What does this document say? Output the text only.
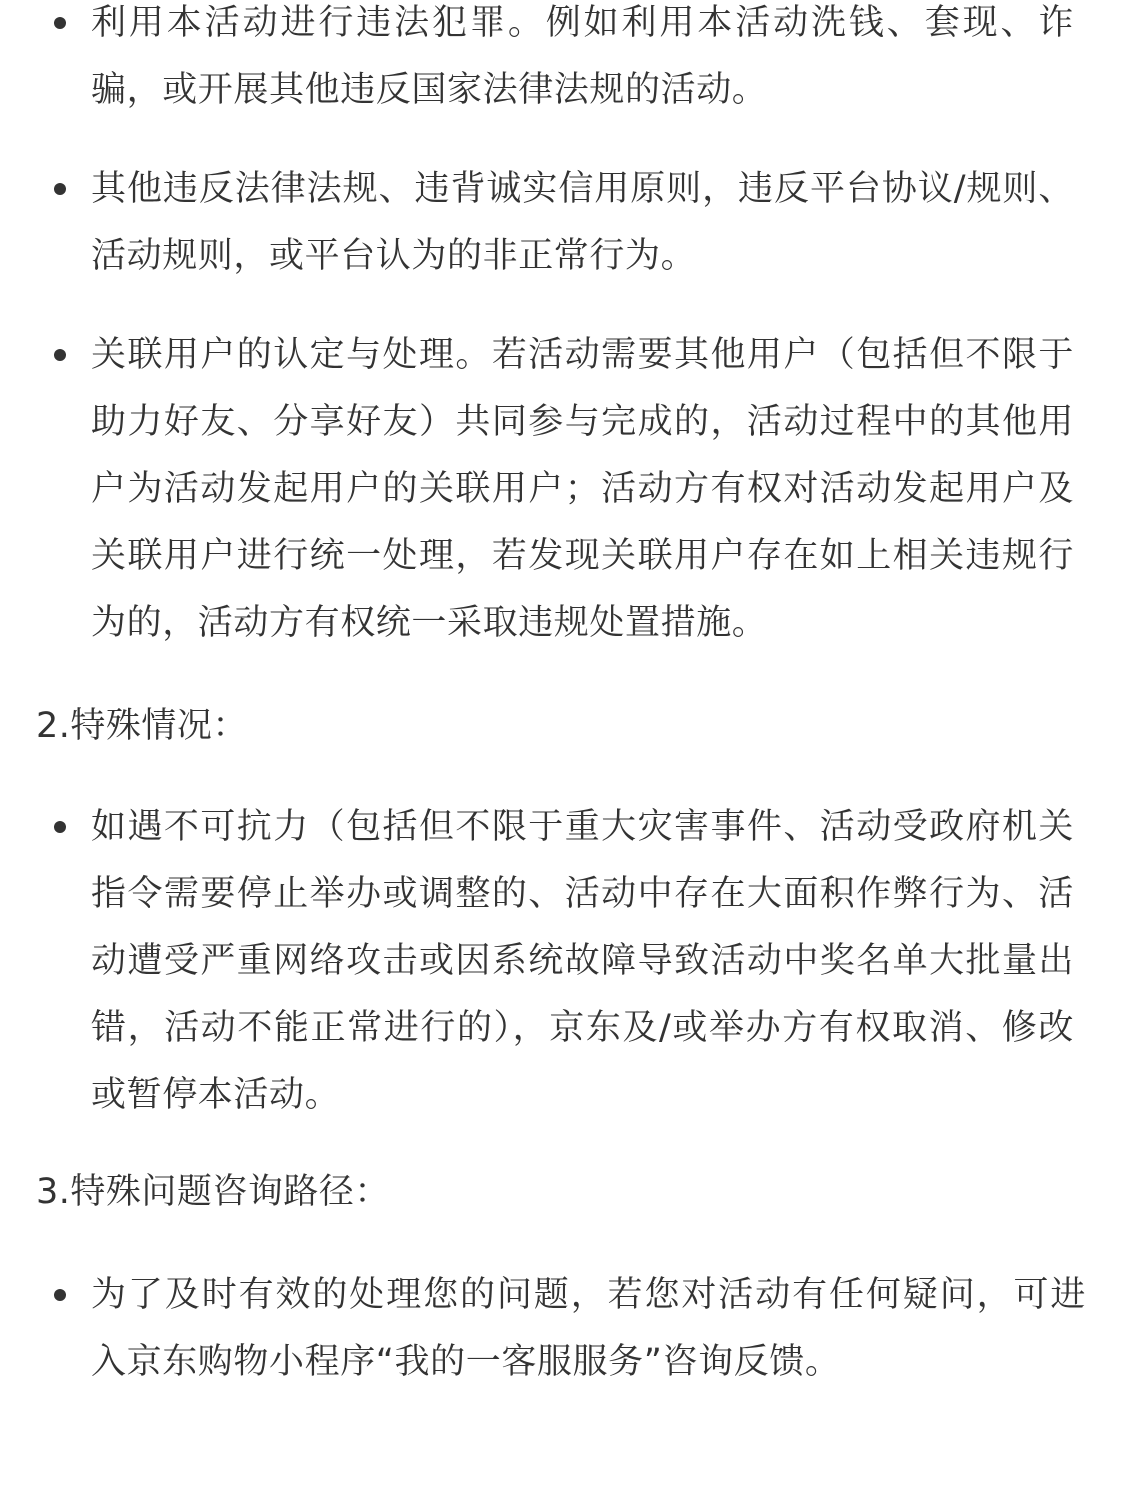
利用本活动进行违法犯罪。例如利用本活动洗钱、套现、诈骗，或开展其他违反国家法律法规的活动。
其他违反法律法规、违背诚实信用原则，违反平台协议/规则、活动规则，或平台认为的非正常行为。
关联用户的认定与处理。若活动需要其他用户（包括但不限于助力好友、分享好友）共同参与完成的，活动过程中的其他用户为活动发起用户的关联用户；活动方有权对活动发起用户及关联用户进行统一处理，若发现关联用户存在如上相关违规行为的，活动方有权统一采取违规处置措施。
2.特殊情况：
如遇不可抗力（包括但不限于重大灾害事件、活动受政府机关指令需要停止举办或调整的、活动中存在大面积作弊行为、活动遭受严重网络攻击或因系统故障导致活动中奖名单大批量出错，活动不能正常进行的），京东及/或举办方有权取消、修改或暂停本活动。
3.特殊问题咨询路径：
为了及时有效的处理您的问题，若您对活动有任何疑问，可进入京东购物小程序“我的一客服服务”咨询反馈。
